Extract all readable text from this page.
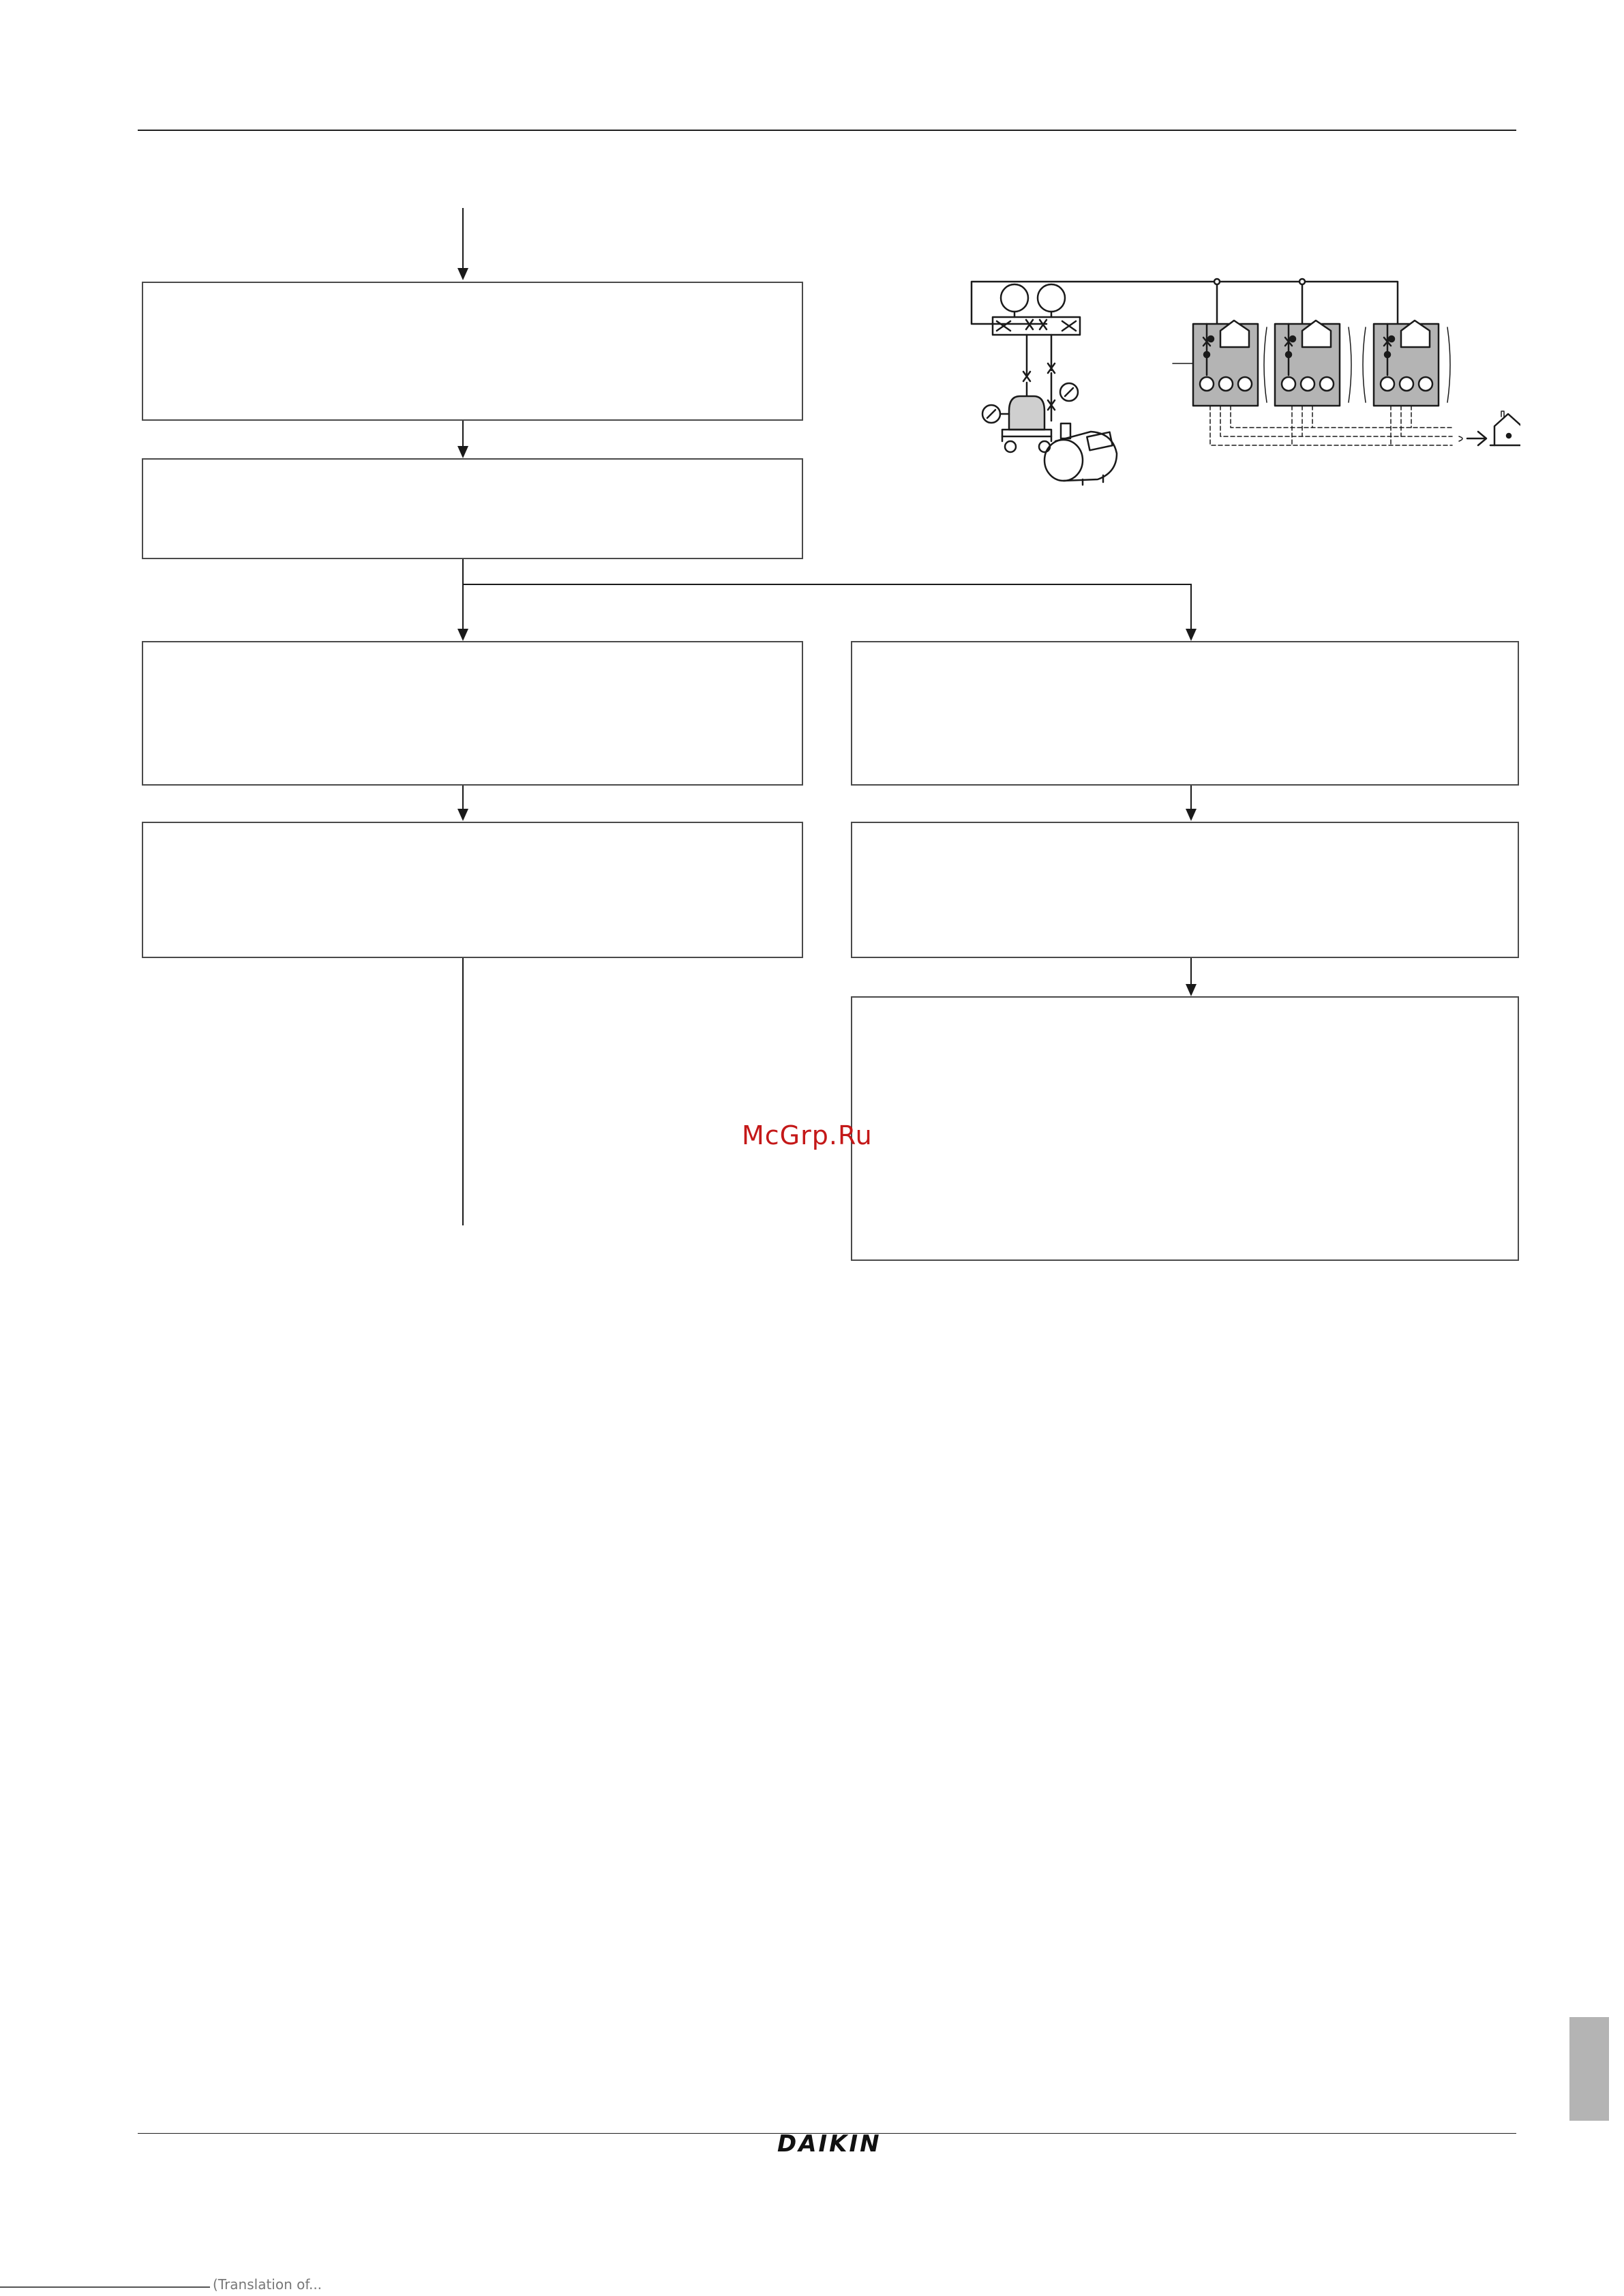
McGrp.Ru
DAIKIN
(Translation of...
